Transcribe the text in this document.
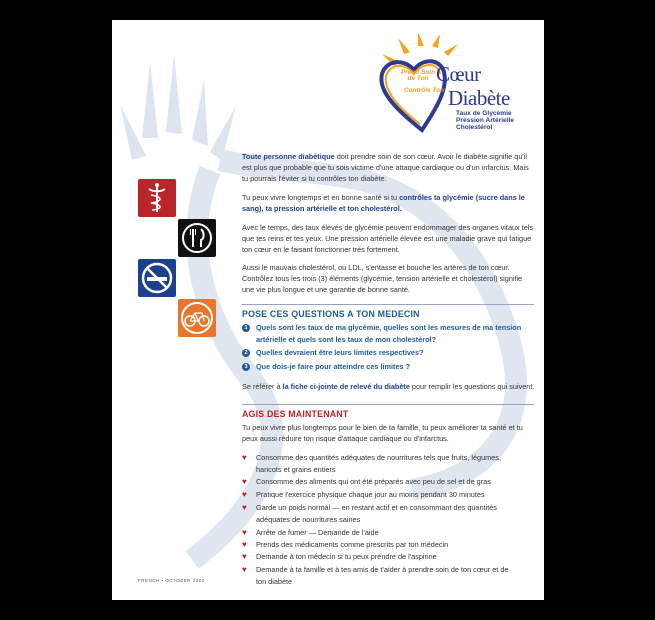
Prend Soin de Ton Cœur
Contrôle Ton Diabète
Taux de Glycémie
Pression Artérielle
Cholestérol
Toute personne diabétique doit prendre soin de son cœur. Avoir le diabète signifie qu'il est plus que probable que tu sois victime d'une attaque cardiaque ou d'un infarctus. Mais tu pourrais l'éviter si tu contrôles ton diabète.
Tu peux vivre longtemps et en bonne santé si tu contrôles ta glycémie (sucre dans le sang), ta pression artérielle et ton cholestérol.
Avec le temps, des taux élevés de glycémie peuvent endommager des organes vitaux tels que tes reins et tes yeux. Une pression artérielle élevée est une maladie grave qui fatigue ton cœur en le faisant fonctionner très fortement.
Aussi le mauvais cholestérol, ou LDL, s'entasse et bouche les artères de ton cœur. Contrôlez tous les trois (3) éléments (glycémie, tension artérielle et cholestérol) signifie une vie plus longue et une garantie de bonne santé.
POSE CES QUESTIONS A TON MEDECIN
1	Quels sont les taux de ma glycémie, quelles sont les mesures de ma tension artérielle et quels sont les taux de mon cholestérol?
2	Quelles devraient être leurs limites respectives?
3	Que dois-je faire pour atteindre ces limites ?
Se référer à la fiche ci-jointe de relevé du diabète pour remplir les questions qui suivent.
AGIS DES MAINTENANT
Tu peux vivre plus longtemps pour le bien de ta famille, tu peux améliorer ta santé et tu peux aussi réduire ton risque d'attaque cardiaque ou d'infarctus.
♥ Consomme des quantités adéquates de nourritures tels que fruits, légumes, haricots et grains entiers
♥ Consomme des aliments qui ont été préparés avec peu de sel et de gras
♥ Pratique l'exercice physique chaque jour au moins pendant 30 minutes
♥ Garde un poids normal — en restant actif et en consommant des quantités adéquates de nourritures saines
♥ Arrête de fumer — Demande de l'aide
♥ Prends des médicaments comme prescrits par ton médecin
♥ Demande à ton médecin si tu peux prendre de l'aspirine
♥ Demande à ta famille et à tes amis de t'aider à prendre soin de ton cœur et de ton diabète
FRENCH • OCTOBER 2003
